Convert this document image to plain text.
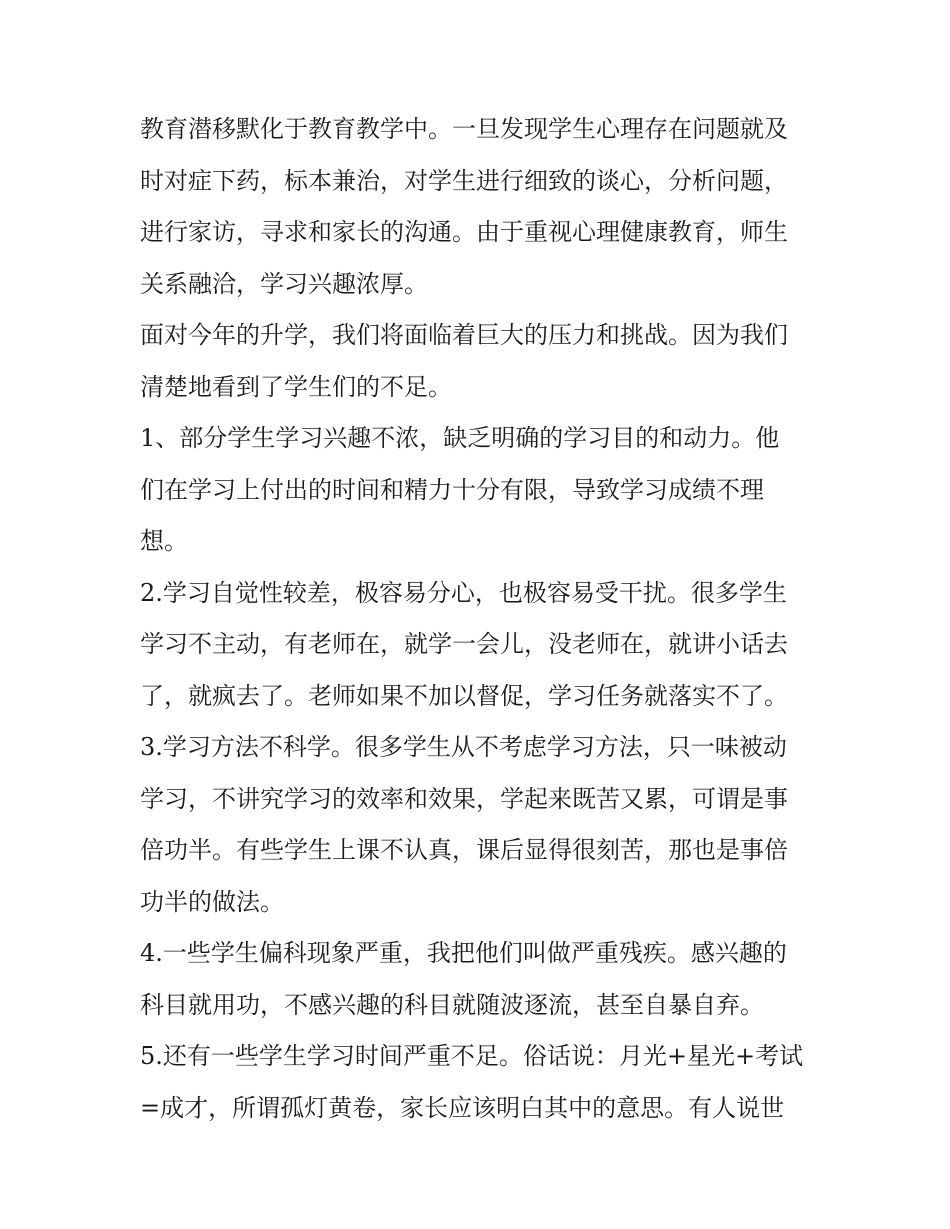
教育潜移默化于教育教学中。一旦发现学生心理存在问题就及
时对症下药，标本兼治，对学生进行细致的谈心，分析问题，
进行家访，寻求和家长的沟通。由于重视心理健康教育，师生
关系融洽，学习兴趣浓厚。
面对今年的升学，我们将面临着巨大的压力和挑战。因为我们
清楚地看到了学生们的不足。
1、部分学生学习兴趣不浓，缺乏明确的学习目的和动力。他
们在学习上付出的时间和精力十分有限，导致学习成绩不理
想。
2.学习自觉性较差，极容易分心，也极容易受干扰。很多学生
学习不主动，有老师在，就学一会儿，没老师在，就讲小话去
了，就疯去了。老师如果不加以督促，学习任务就落实不了。
3.学习方法不科学。很多学生从不考虑学习方法，只一味被动
学习，不讲究学习的效率和效果，学起来既苦又累，可谓是事
倍功半。有些学生上课不认真，课后显得很刻苦，那也是事倍
功半的做法。
4.一些学生偏科现象严重，我把他们叫做严重残疾。感兴趣的
科目就用功，不感兴趣的科目就随波逐流，甚至自暴自弃。
5.还有一些学生学习时间严重不足。俗话说：月光+星光+考试
=成才，所谓孤灯黄卷，家长应该明白其中的意思。有人说世
